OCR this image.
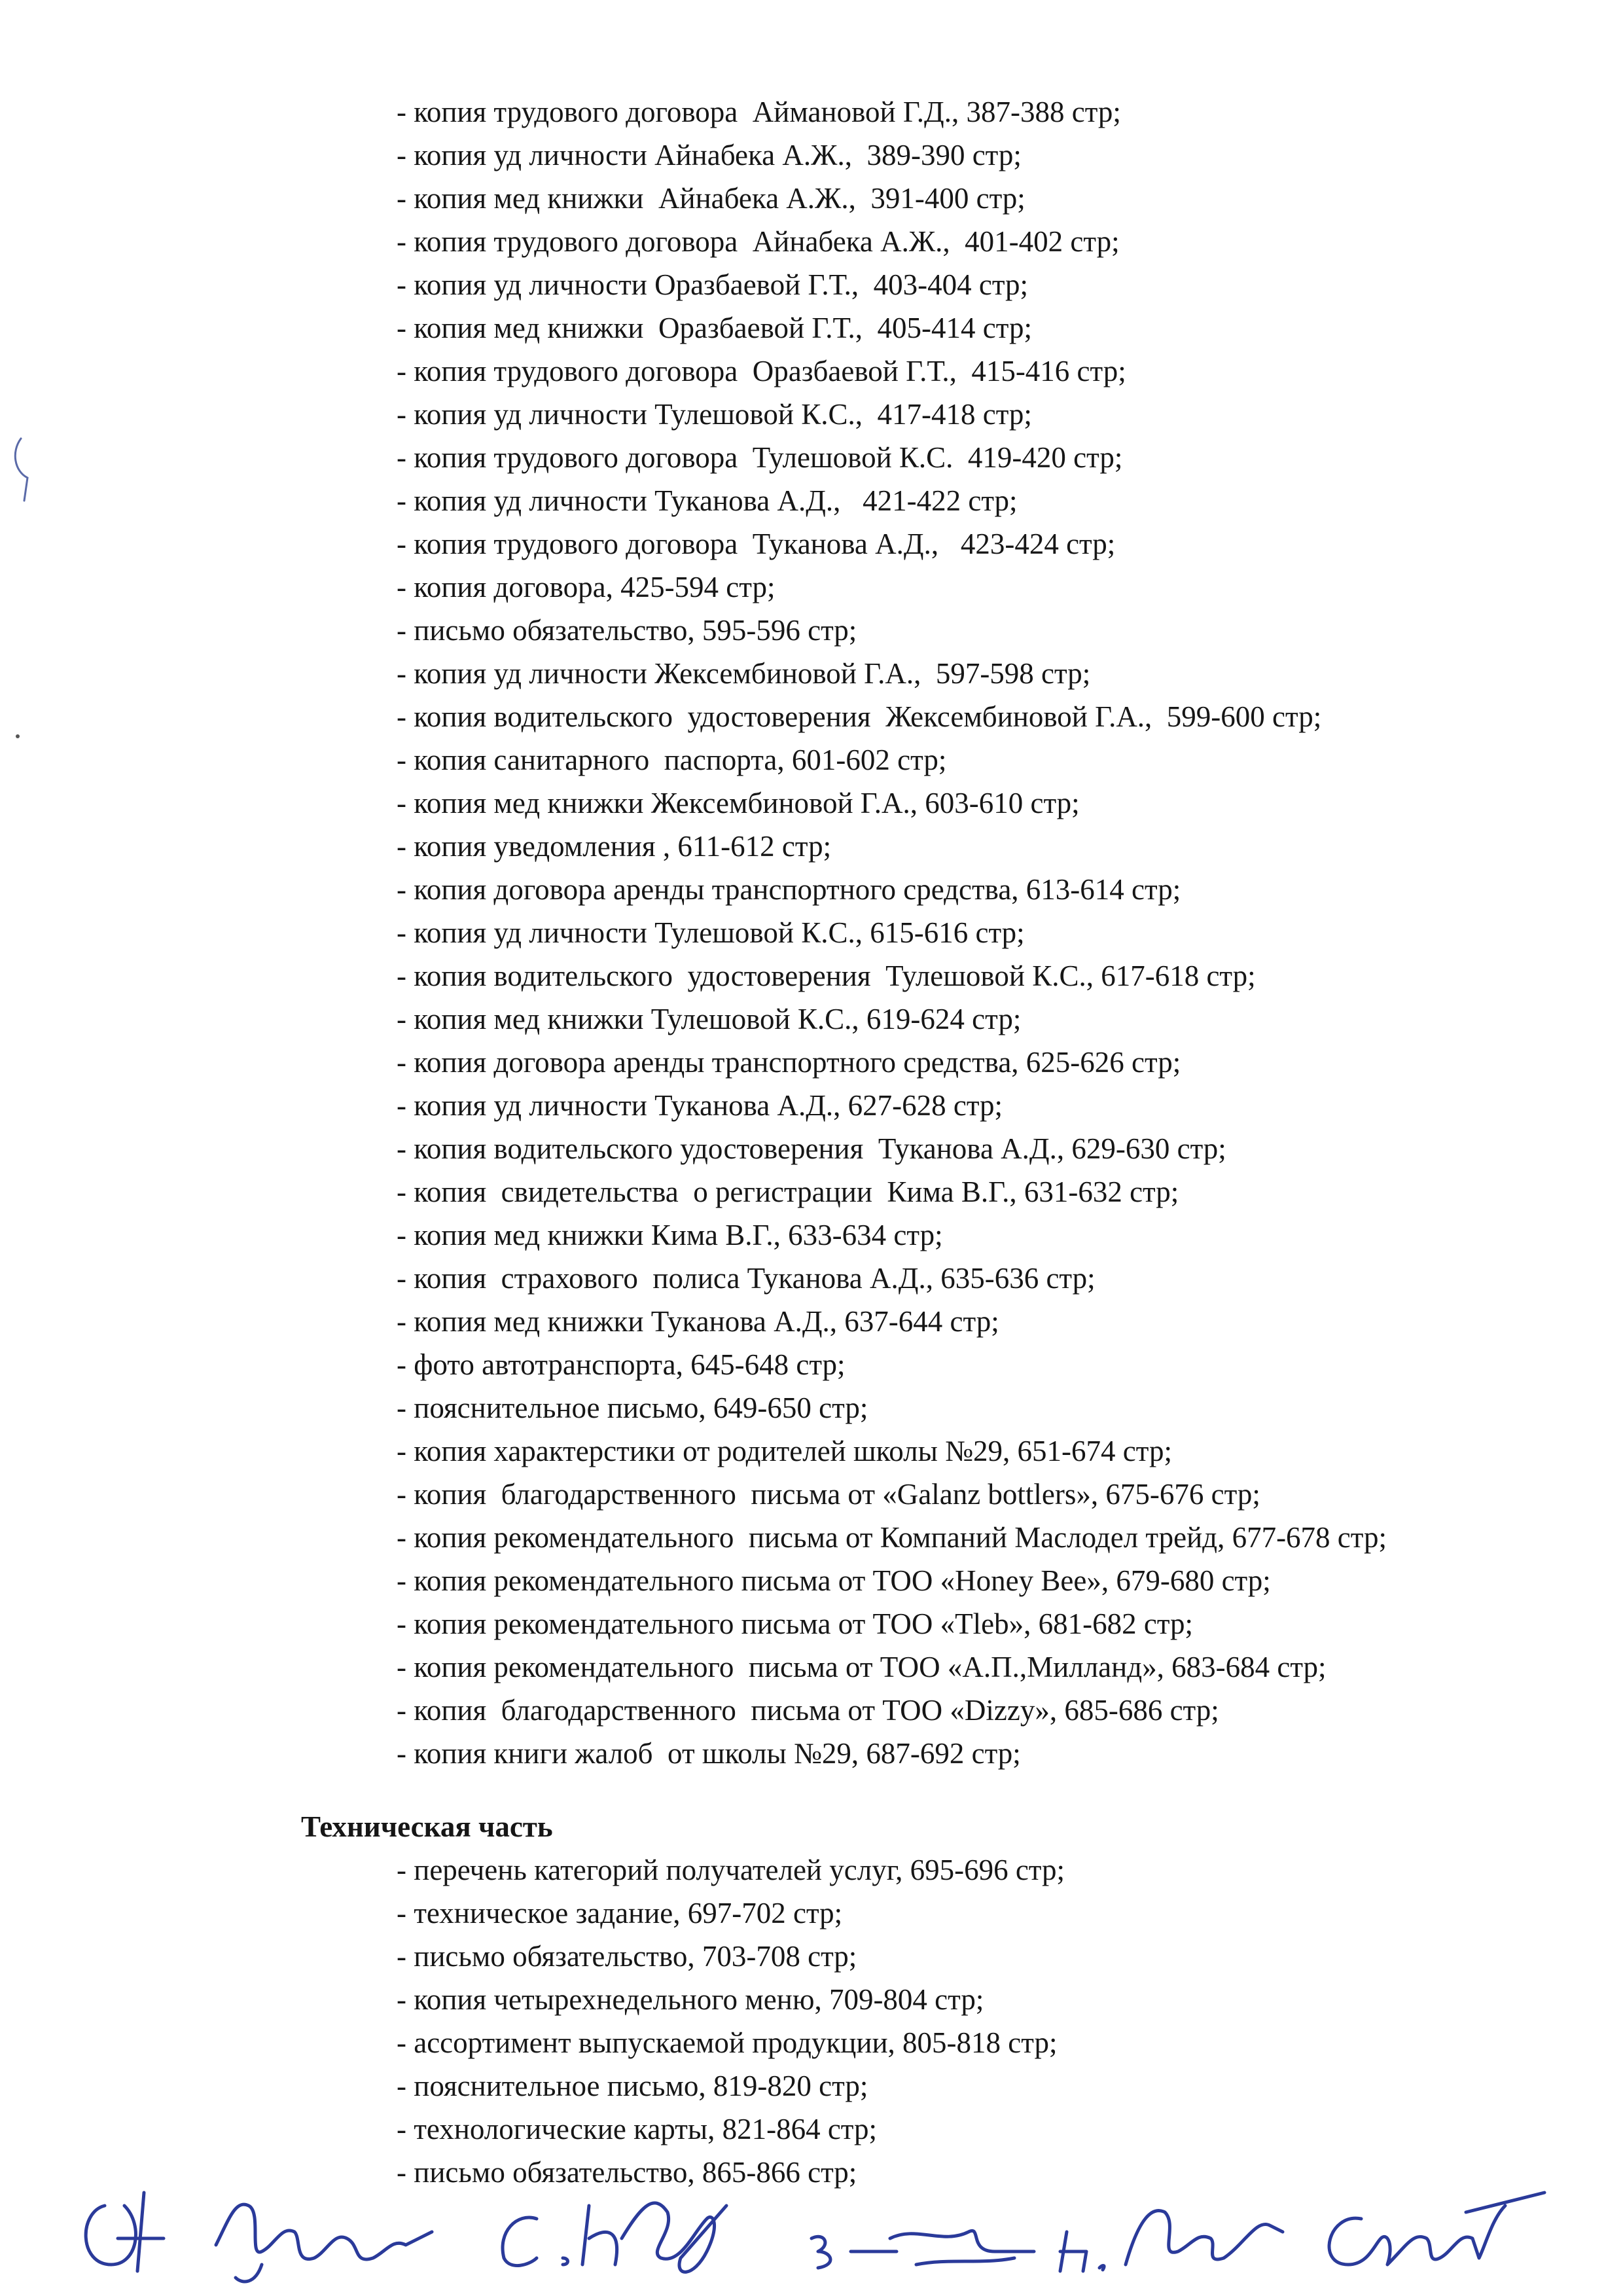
- копия трудового договора  Аймановой Г.Д., 387-388 стр;
- копия уд личности Айнабека А.Ж.,  389-390 стр;
- копия мед книжки  Айнабека А.Ж.,  391-400 стр;
- копия трудового договора  Айнабека А.Ж.,  401-402 стр;
- копия уд личности Оразбаевой Г.Т.,  403-404 стр;
- копия мед книжки  Оразбаевой Г.Т.,  405-414 стр;
- копия трудового договора  Оразбаевой Г.Т.,  415-416 стр;
- копия уд личности Тулешовой К.С.,  417-418 стр;
- копия трудового договора  Тулешовой К.С.  419-420 стр;
- копия уд личности Туканова А.Д.,   421-422 стр;
- копия трудового договора  Туканова А.Д.,   423-424 стр;
- копия договора, 425-594 стр;
- письмо обязательство, 595-596 стр;
- копия уд личности Жексембиновой Г.А.,  597-598 стр;
- копия водительского  удостоверения  Жексембиновой Г.А.,  599-600 стр;
- копия санитарного  паспорта, 601-602 стр;
- копия мед книжки Жексембиновой Г.А., 603-610 стр;
- копия уведомления , 611-612 стр;
- копия договора аренды транспортного средства, 613-614 стр;
- копия уд личности Тулешовой К.С., 615-616 стр;
- копия водительского  удостоверения  Тулешовой К.С., 617-618 стр;
- копия мед книжки Тулешовой К.С., 619-624 стр;
- копия договора аренды транспортного средства, 625-626 стр;
- копия уд личности Туканова А.Д., 627-628 стр;
- копия водительского удостоверения  Туканова А.Д., 629-630 стр;
- копия  свидетельства  о регистрации  Кима В.Г., 631-632 стр;
- копия мед книжки Кима В.Г., 633-634 стр;
- копия  страхового  полиса Туканова А.Д., 635-636 стр;
- копия мед книжки Туканова А.Д., 637-644 стр;
- фото автотранспорта, 645-648 стр;
- пояснительное письмо, 649-650 стр;
- копия характерстики от родителей школы №29, 651-674 стр;
- копия  благодарственного  письма от «Galanz bottlers», 675-676 стр;
- копия рекомендательного  письма от Компаний Маслодел трейд, 677-678 стр;
- копия рекомендательного письма от ТОО «Honey Bee», 679-680 стр;
- копия рекомендательного письма от ТОО «Tleb», 681-682 стр;
- копия рекомендательного  письма от ТОО «А.П.,Милланд», 683-684 стр;
- копия  благодарственного  письма от ТОО «Dizzy», 685-686 стр;
- копия книги жалоб  от школы №29, 687-692 стр;
Техническая часть
- перечень категорий получателей услуг, 695-696 стр;
- техническое задание, 697-702 стр;
- письмо обязательство, 703-708 стр;
- копия четырехнедельного меню, 709-804 стр;
- ассортимент выпускаемой продукции, 805-818 стр;
- пояснительное письмо, 819-820 стр;
- технологические карты, 821-864 стр;
- письмо обязательство, 865-866 стр;
